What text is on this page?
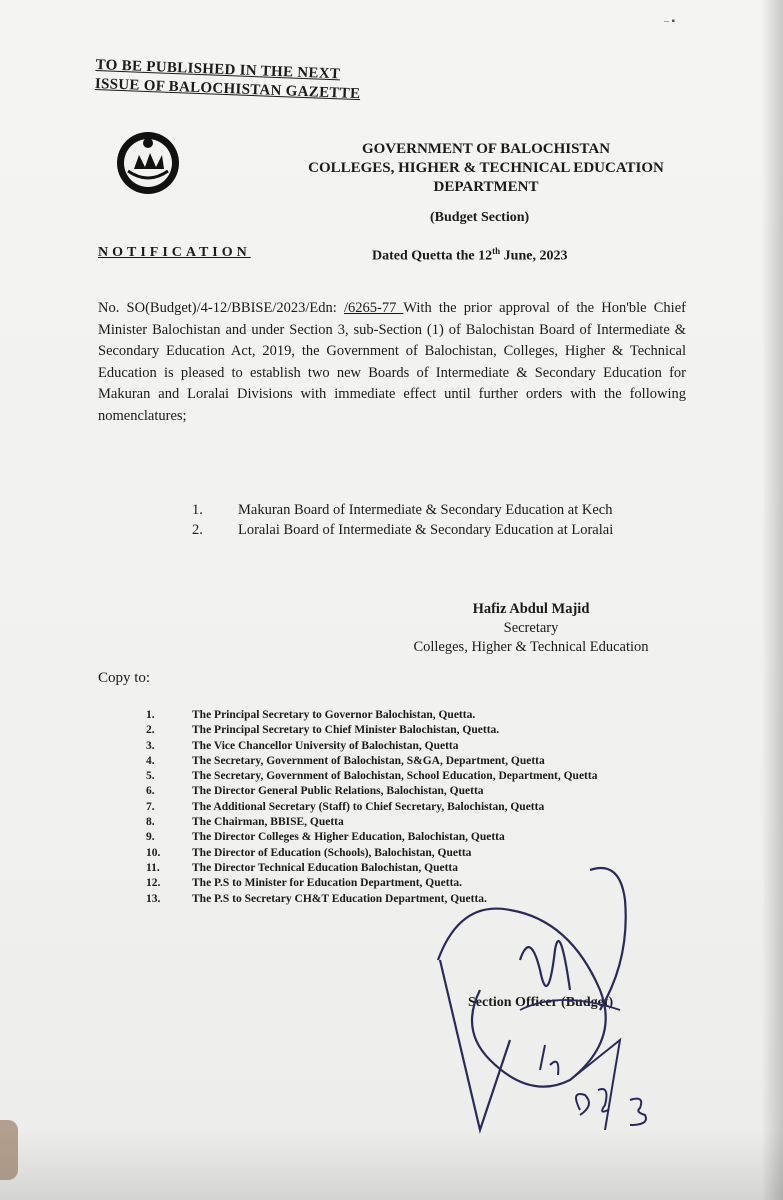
– ▪
TO BE PUBLISHED IN THE NEXT
ISSUE OF BALOCHISTAN GAZETTE
GOVERNMENT OF BALOCHISTAN
COLLEGES, HIGHER & TECHNICAL EDUCATION
DEPARTMENT
(Budget Section)
NOTIFICATION	Dated Quetta the 12th June, 2023
No. SO(Budget)/4-12/BBISE/2023/Edn: /6265-77 With the prior approval of the Hon'ble Chief Minister Balochistan and under Section 3, sub-Section (1) of Balochistan Board of Intermediate & Secondary Education Act, 2019, the Government of Balochistan, Colleges, Higher & Technical Education is pleased to establish two new Boards of Intermediate & Secondary Education for Makuran and Loralai Divisions with immediate effect until further orders with the following nomenclatures;
1.	Makuran Board of Intermediate & Secondary Education at Kech
2.	Loralai Board of Intermediate & Secondary Education at Loralai
Hafiz Abdul Majid
Secretary
Colleges, Higher & Technical Education
Copy to:
1.	The Principal Secretary to Governor Balochistan, Quetta.
2.	The Principal Secretary to Chief Minister Balochistan, Quetta.
3.	The Vice Chancellor University of Balochistan, Quetta
4.	The Secretary, Government of Balochistan, S&GA, Department, Quetta
5.	The Secretary, Government of Balochistan, School Education, Department, Quetta
6.	The Director General Public Relations, Balochistan, Quetta
7.	The Additional Secretary (Staff) to Chief Secretary, Balochistan, Quetta
8.	The Chairman, BBISE, Quetta
9.	The Director Colleges & Higher Education, Balochistan, Quetta
10.	The Director of Education (Schools), Balochistan, Quetta
11.	The Director Technical Education Balochistan, Quetta
12.	The P.S to Minister for Education Department, Quetta.
13.	The P.S to Secretary CH&T Education Department, Quetta.
Section Officer (Budget)
